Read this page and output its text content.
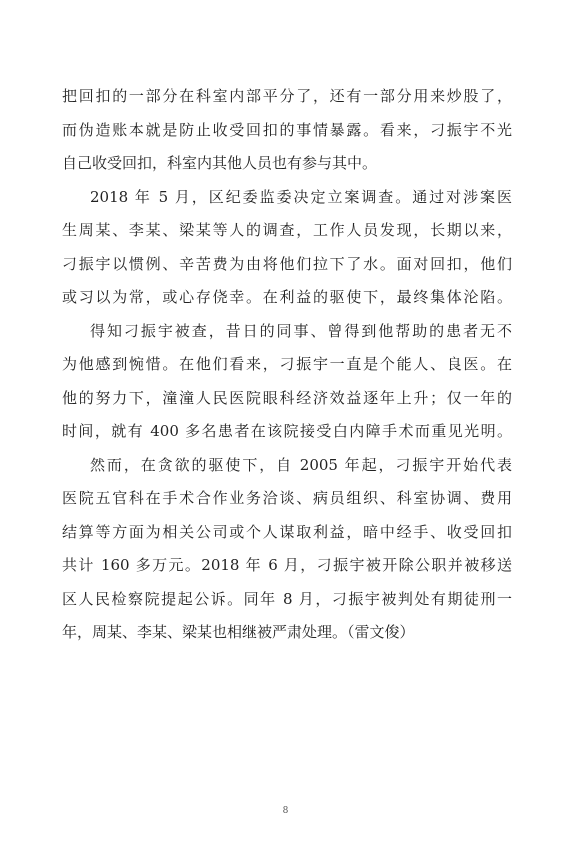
把回扣的一部分在科室内部平分了，还有一部分用来炒股了，
而伪造账本就是防止收受回扣的事情暴露。看来，刁振宇不光
自己收受回扣，科室内其他人员也有参与其中。
2018 年 5 月，区纪委监委决定立案调查。通过对涉案医
生周某、李某、梁某等人的调查，工作人员发现，长期以来，
刁振宇以惯例、辛苦费为由将他们拉下了水。面对回扣，他们
或习以为常，或心存侥幸。在利益的驱使下，最终集体沦陷。
得知刁振宇被查，昔日的同事、曾得到他帮助的患者无不
为他感到惋惜。在他们看来，刁振宇一直是个能人、良医。在
他的努力下，潼潼人民医院眼科经济效益逐年上升；仅一年的
时间，就有 400 多名患者在该院接受白内障手术而重见光明。
然而，在贪欲的驱使下，自 2005 年起，刁振宇开始代表
医院五官科在手术合作业务洽谈、病员组织、科室协调、费用
结算等方面为相关公司或个人谋取利益，暗中经手、收受回扣
共计 160 多万元。2018 年 6 月，刁振宇被开除公职并被移送
区人民检察院提起公诉。同年 8 月，刁振宇被判处有期徒刑一
年，周某、李某、梁某也相继被严肃处理。（雷文俊）
8
